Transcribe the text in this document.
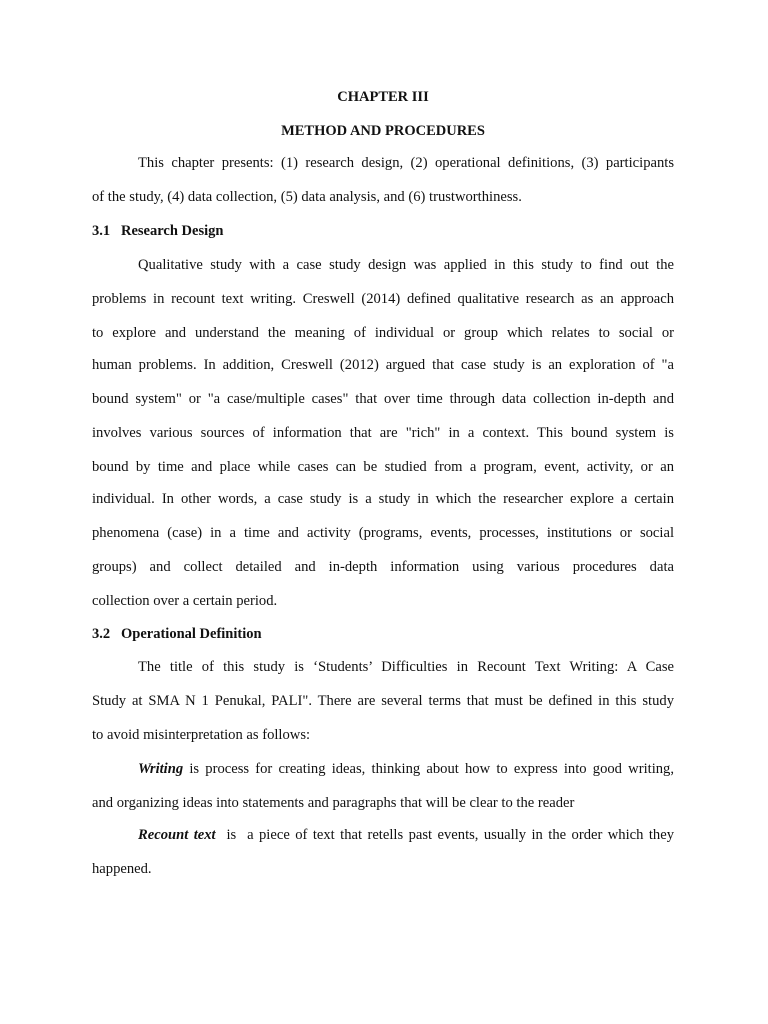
CHAPTER III

METHOD AND PROCEDURES

This chapter presents: (1) research design, (2) operational definitions, (3) participants

of the study, (4) data collection, (5) data analysis, and (6) trustworthiness.

3.1 Research Design

Qualitative study with a case study design was applied in this study to find out the

problems in recount text writing. Creswell (2014) defined qualitative research as an approach

to explore and understand the meaning of individual or group which relates to social or

human problems. In addition, Creswell (2012) argued that case study is an exploration of "a

bound system" or "a case/multiple cases" that over time through data collection in-depth and

involves various sources of information that are "rich" in a context. This bound system is

bound by time and place while cases can be studied from a program, event, activity, or an

individual. In other words, a case study is a study in which the researcher explore a certain

phenomena (case) in a time and activity (programs, events, processes, institutions or social

groups) and collect detailed and in-depth information using various procedures data

collection over a certain period.

3.2 Operational Definition

The title of this study is ‘Students’ Difficulties in Recount Text Writing: A Case

Study at SMA N 1 Penukal, PALI". There are several terms that must be defined in this study

to avoid misinterpretation as follows:

Writing is process for creating ideas, thinking about how to express into good writing,

and organizing ideas into statements and paragraphs that will be clear to the reader

Recount text  is  a piece of text that retells past events, usually in the order which they

happened.
